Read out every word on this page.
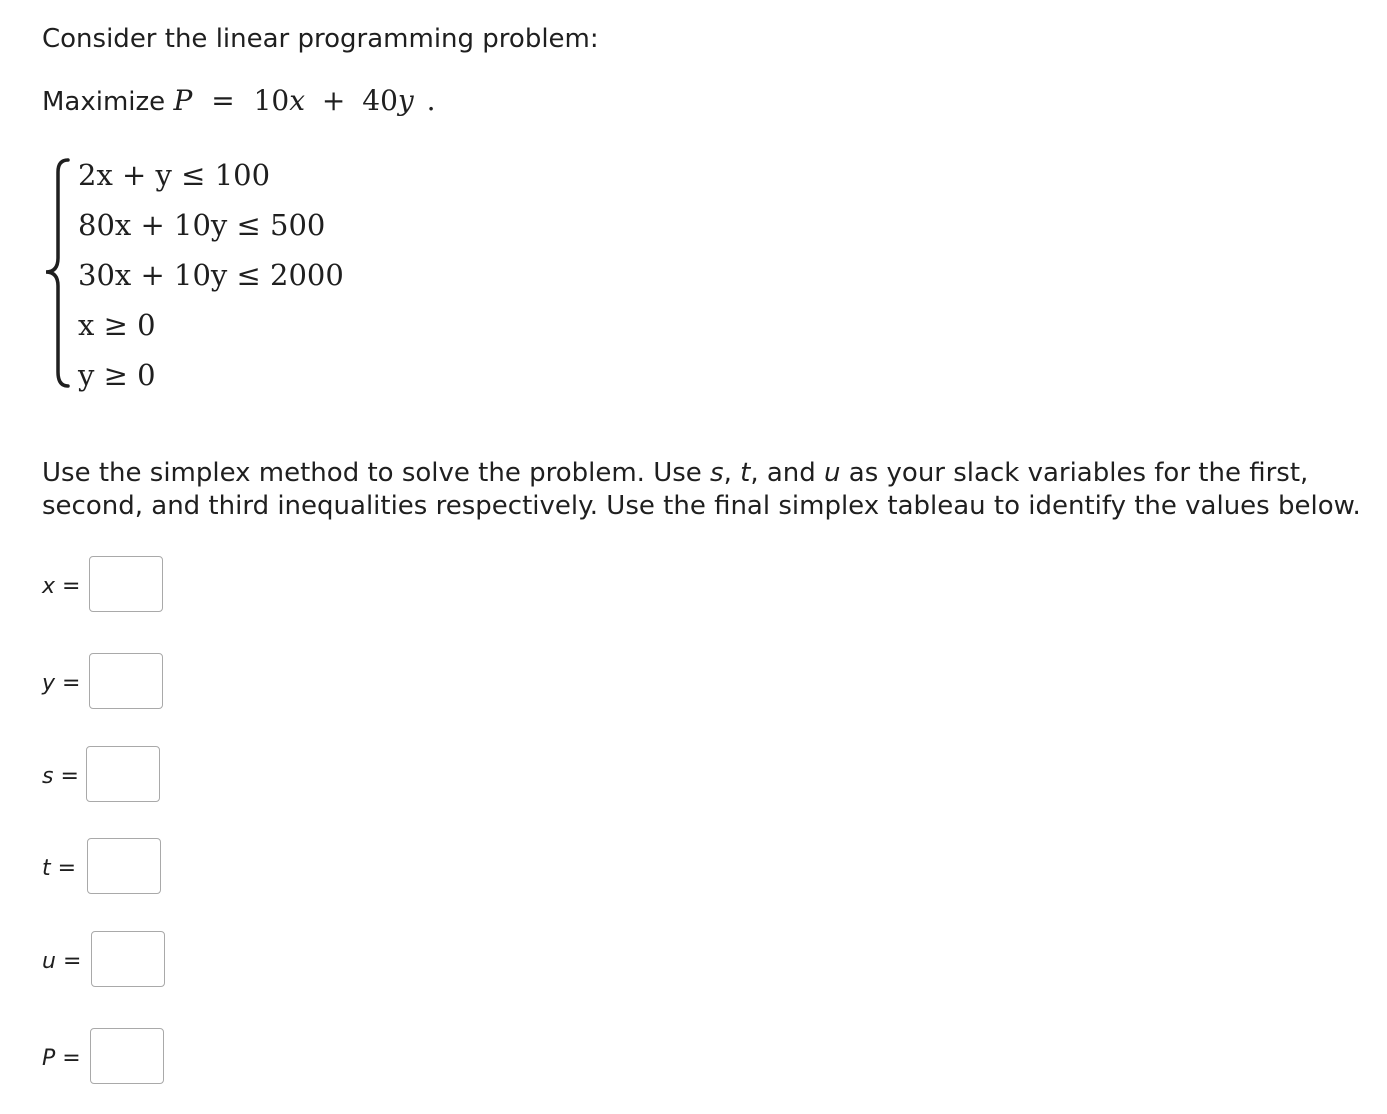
Consider the linear programming problem:
Maximize P = 10x + 40y .
2x + y ≤ 100
80x + 10y ≤ 500
30x + 10y ≤ 2000
x ≥ 0
y ≥ 0
Use the simplex method to solve the problem. Use s, t, and u as your slack variables for the first, second, and third inequalities respectively. Use the final simplex tableau to identify the values below.
x =
y =
s =
t =
u =
P =
